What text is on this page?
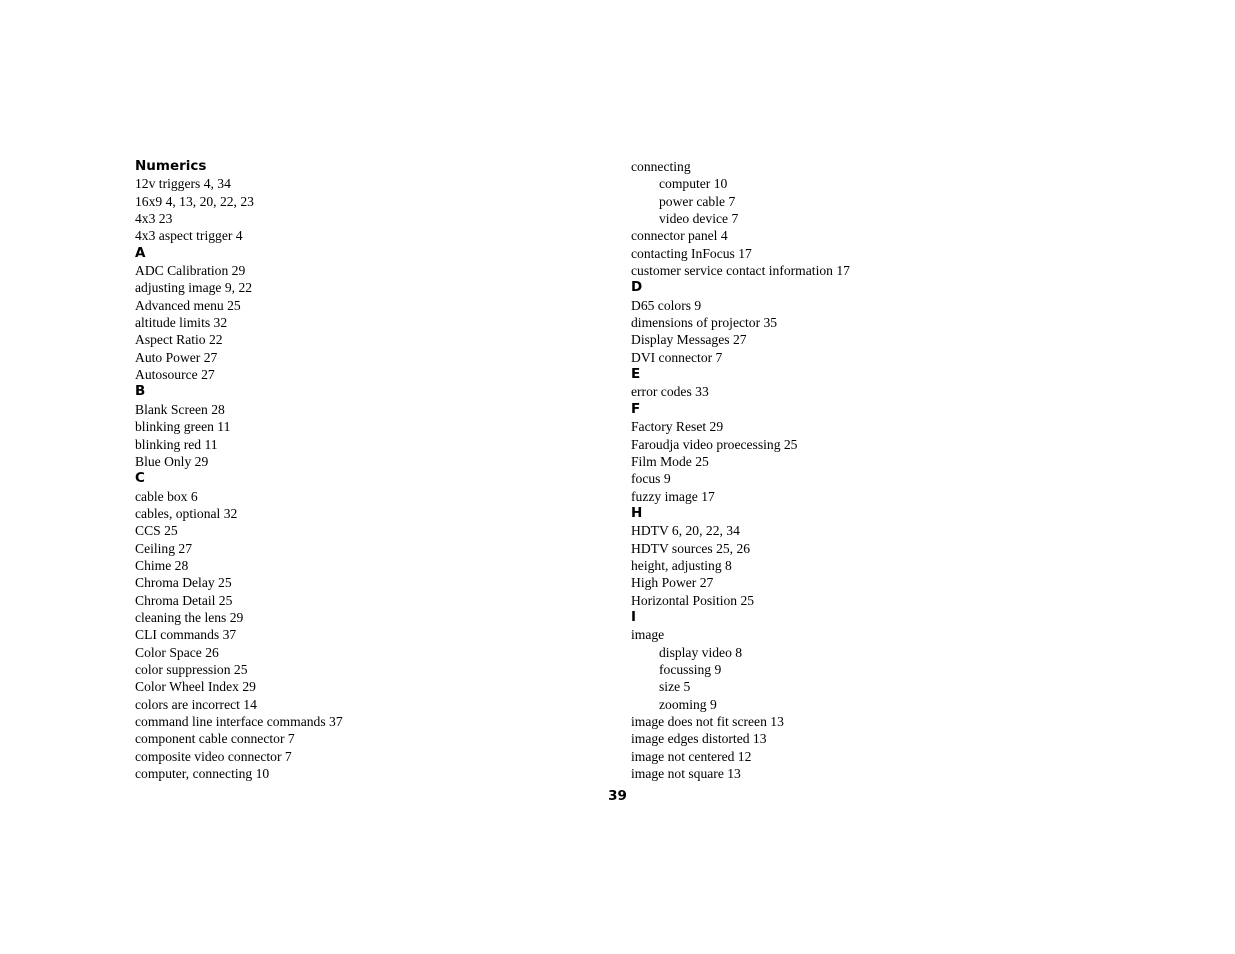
Numerics
12v triggers 4, 34
16x9 4, 13, 20, 22, 23
4x3 23
4x3 aspect trigger 4
A
ADC Calibration 29
adjusting image 9, 22
Advanced menu 25
altitude limits 32
Aspect Ratio 22
Auto Power 27
Autosource 27
B
Blank Screen 28
blinking green 11
blinking red 11
Blue Only 29
C
cable box 6
cables, optional 32
CCS 25
Ceiling 27
Chime 28
Chroma Delay 25
Chroma Detail 25
cleaning the lens 29
CLI commands 37
Color Space 26
color suppression 25
Color Wheel Index 29
colors are incorrect 14
command line interface commands 37
component cable connector 7
composite video connector 7
computer, connecting 10
connecting
computer 10
power cable 7
video device 7
connector panel 4
contacting InFocus 17
customer service contact information 17
D
D65 colors 9
dimensions of projector 35
Display Messages 27
DVI connector 7
E
error codes 33
F
Factory Reset 29
Faroudja video proecessing 25
Film Mode 25
focus 9
fuzzy image 17
H
HDTV 6, 20, 22, 34
HDTV sources 25, 26
height, adjusting 8
High Power 27
Horizontal Position 25
I
image
display video 8
focussing 9
size 5
zooming 9
image does not fit screen 13
image edges distorted 13
image not centered 12
image not square 13
39
